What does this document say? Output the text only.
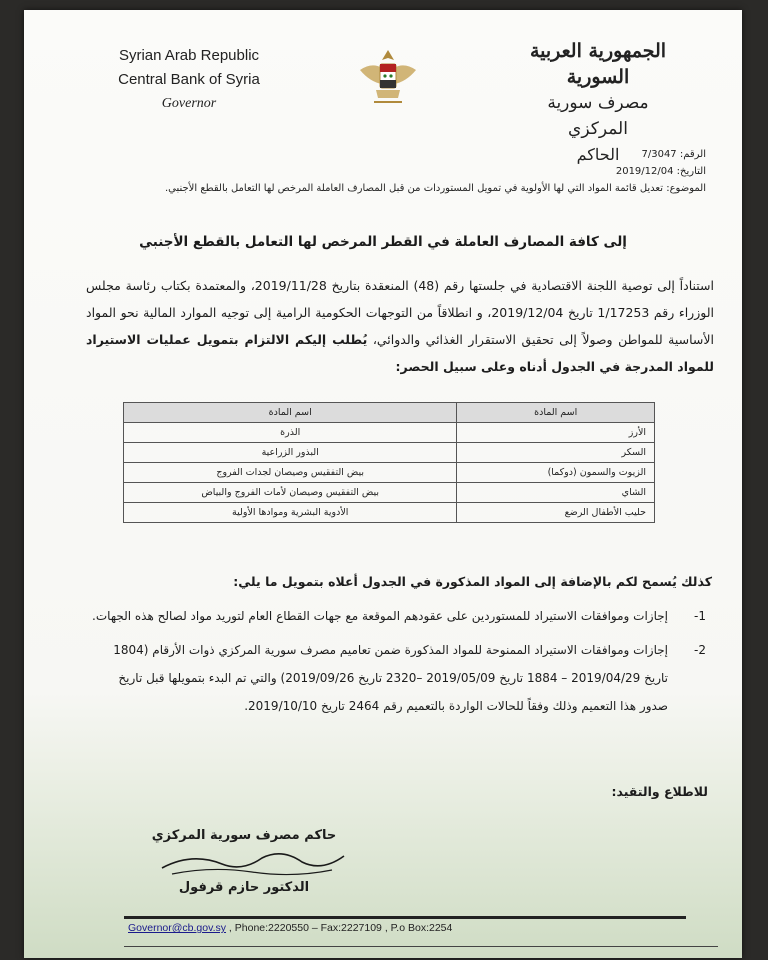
Syrian Arab Republic
Central Bank of Syria
Governor
الجمهورية العربية السورية
مصرف سورية المركزي
الحاكم	الرقم: 7/3047
التاريخ: 2019/12/04
الموضوع: تعديل قائمة المواد التي لها الأولوية في تمويل المستوردات من قبل المصارف العاملة المرخص لها التعامل بالقطع الأجنبي.
إلى كافة المصارف العاملة في القطر المرخص لها التعامل بالقطع الأجنبي
استناداً إلى توصية اللجنة الاقتصادية في جلستها رقم (48) المنعقدة بتاريخ 2019/11/28، والمعتمدة بكتاب رئاسة مجلس الوزراء رقم 1/17253 تاريخ 2019/12/04، و انطلاقاً من التوجهات الحكومية الرامية إلى توجيه الموارد المالية نحو المواد الأساسية للمواطن وصولاً إلى تحقيق الاستقرار الغذائي والدوائي، يُطلب إليكم الالتزام بتمويل عمليات الاستيراد للمواد المدرجة في الجدول أدناه وعلى سبيل الحصر:
اسم المادة	اسم المادة
الأرز	الذرة
السكر	البذور الزراعية
الزيوت والسمون (دوكما)	بيض التفقيس وصيصان لجدات الفروج
الشاي	بيض التفقيس وصيصان لأمات الفروج والبياض
حليب الأطفال الرضع	الأدوية البشرية وموادها الأولية
كذلك يُسمح لكم بالإضافة إلى المواد المذكورة في الجدول أعلاه بتمويل ما يلي:
-1
إجازات وموافقات الاستيراد للمستوردين على عقودهم الموقعة مع جهات القطاع العام لتوريد مواد لصالح هذه الجهات.
-2
إجازات وموافقات الاستيراد الممنوحة للمواد المذكورة ضمن تعاميم مصرف سورية المركزي ذوات الأرقام (1804 تاريخ 2019/04/29 – 1884 تاريخ 2019/05/09 –2320 تاريخ 2019/09/26) والتي تم البدء بتمويلها قبل تاريخ صدور هذا التعميم وذلك وفقاً للحالات الواردة بالتعميم رقم 2464 تاريخ 2019/10/10.
للاطلاع والتقيد:
حاكم مصرف سورية المركزي
الدكتور حازم قرفول
Governor@cb.gov.sy , Phone:2220550 – Fax:2227109 , P.o Box:2254
